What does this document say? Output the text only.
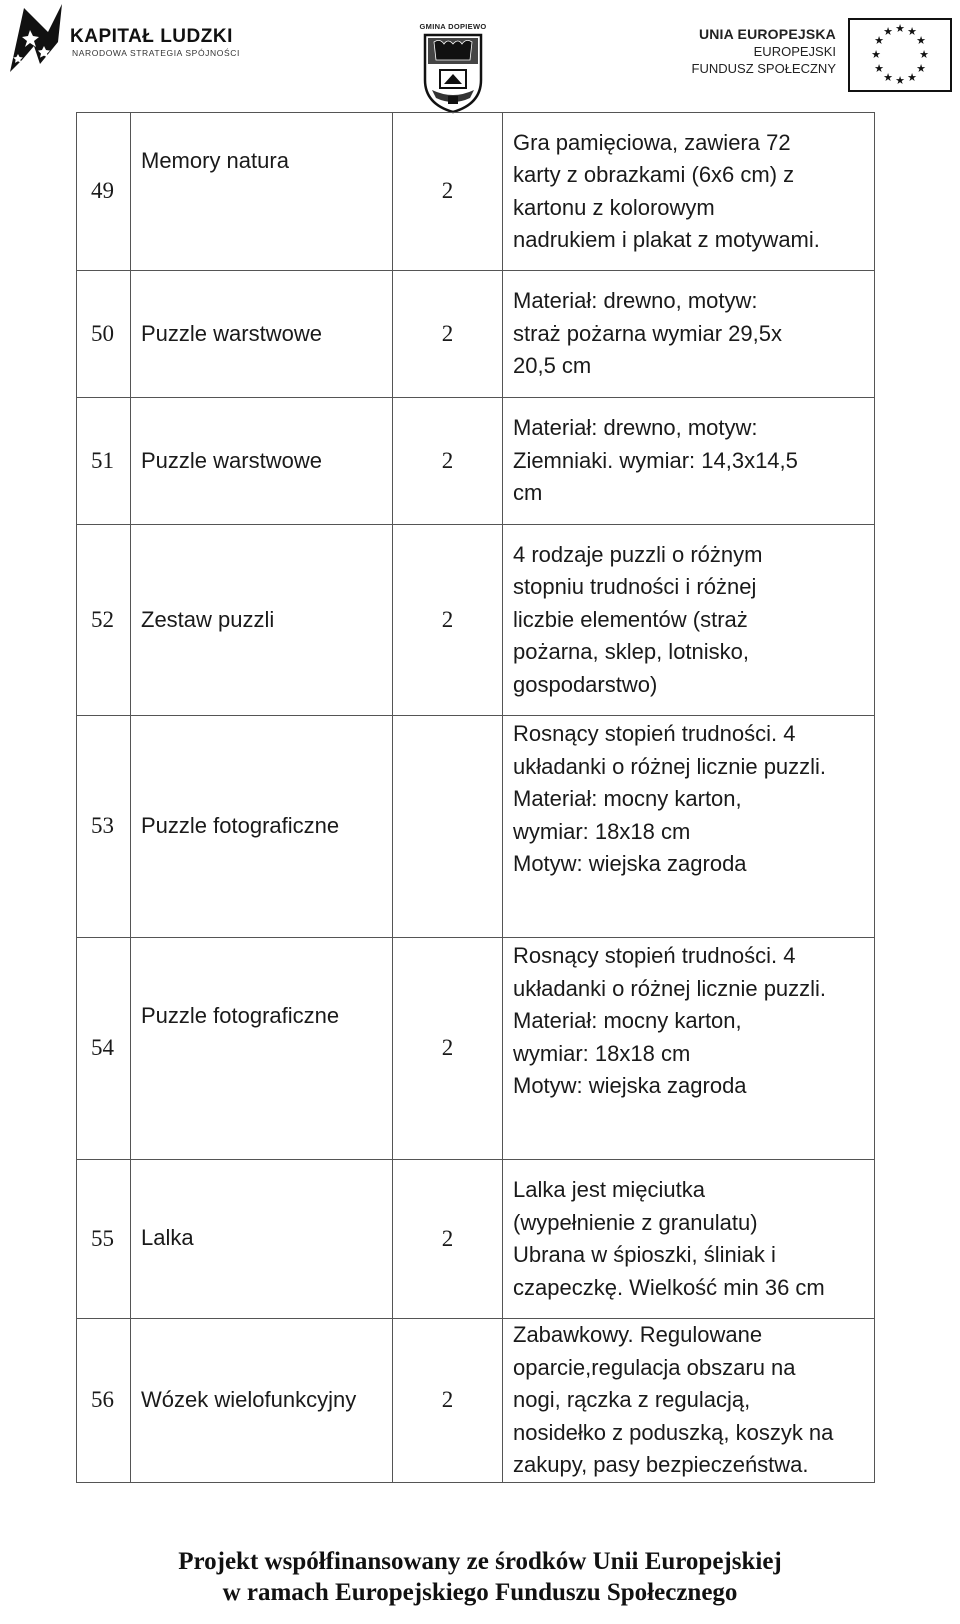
KAPITAŁ LUDZKI
NARODOWA STRATEGIA SPÓJNOŚCI
GMINA DOPIEWO	UNIA EUROPEJSKA
EUROPEJSKI
FUNDUSZ SPOŁECZNY
★ ★
★
★
★
★
★
★
★
★
★
★
49	Memory natura	2	Gra pamięciowa, zawiera 72
karty z obrazkami (6x6 cm) z
kartonu z kolorowym
nadrukiem i plakat z motywami.
50	Puzzle warstwowe	2	Materiał: drewno, motyw:
straż pożarna wymiar 29,5x
20,5 cm
51	Puzzle warstwowe	2	Materiał: drewno, motyw:
Ziemniaki. wymiar: 14,3x14,5
cm
52	Zestaw puzzli	2	4 rodzaje puzzli o różnym
stopniu trudności i różnej
liczbie elementów (straż
pożarna, sklep, lotnisko,
gospodarstwo)
53	Puzzle fotograficzne		Rosnący stopień trudności. 4
układanki o różnej licznie puzzli.
Materiał: mocny karton,
wymiar: 18x18 cm
Motyw: wiejska zagroda
54	Puzzle fotograficzne	2	Rosnący stopień trudności. 4
układanki o różnej licznie puzzli.
Materiał: mocny karton,
wymiar: 18x18 cm
Motyw: wiejska zagroda
55	Lalka	2	Lalka jest mięciutka
(wypełnienie z granulatu)
Ubrana w śpioszki, śliniak i
czapeczkę. Wielkość min 36 cm
56	Wózek wielofunkcyjny	2	Zabawkowy. Regulowane
oparcie,regulacja obszaru na
nogi, rączka z regulacją,
nosidełko z poduszką, koszyk na
zakupy, pasy bezpieczeństwa.
Projekt współfinansowany ze środków Unii Europejskiej
w ramach Europejskiego Funduszu Społecznego
